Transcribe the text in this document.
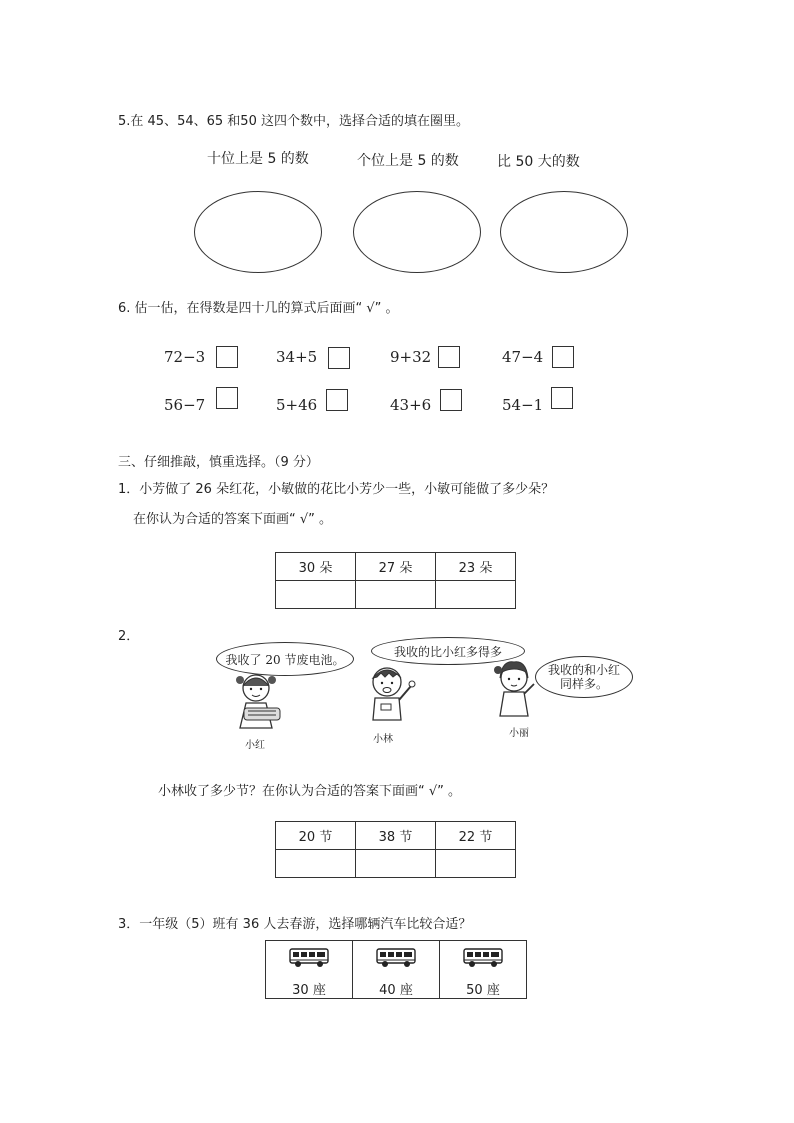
5.在 45、54、65 和50 这四个数中，选择合适的填在圈里。
十位上是 5 的数	个位上是 5 的数	比 50 大的数
6. 估一估，在得数是四十几的算式后面画“ √” 。
72−3	34+5	9+32	47−4
56−7	5+46	43+6	54−1
三、仔细推敲，慎重选择。（9 分）
1．小芳做了 26 朵红花，小敏做的花比小芳少一些，小敏可能做了多少朵？
在你认为合适的答案下面画“ √” 。
30 朵	27 朵	23 朵

2．
我收了 20 节废电池。
我收的比小红多得多
我收的和小红同样多。
小红
小林
小丽
小林收了多少节？在你认为合适的答案下面画“ √” 。
20 节	38 节	22 节

3．一年级（5）班有 36 人去春游，选择哪辆汽车比较合适？
30 座	40 座	50 座
